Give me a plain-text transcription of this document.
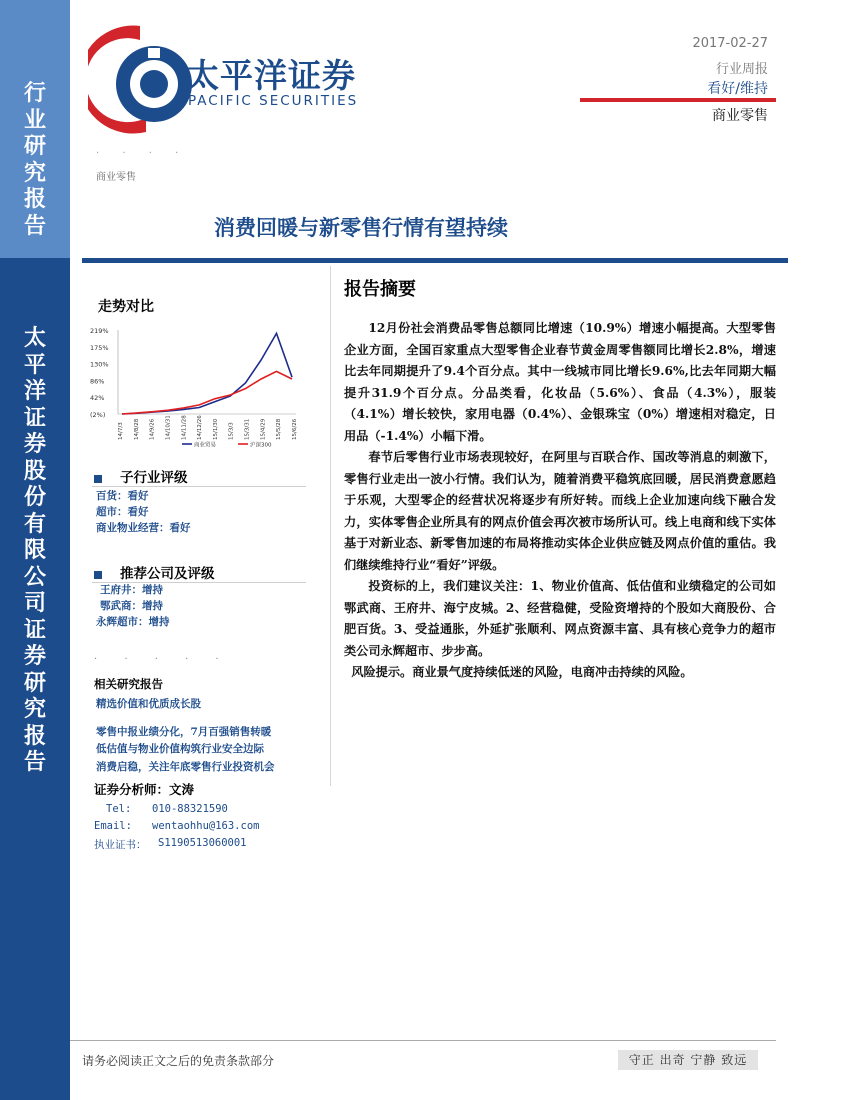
行
业
研
究
报
告
太
平
洋
证
券
股
份
有
限
公
司
证
券
研
究
报
告
太平洋证券
PACIFIC SECURITIES
2017-02-27
行业周报
看好/维持
商业零售
· · · ·
商业零售
消费回暖与新零售行情有望持续
走势对比
219%
175%
130%
86%
42%
(2%)
14/7/3 14/8/28 14/9/26 14/10/31 14/11/28 14/12/26 15/1/30 15/3/3 15/3/31 15/4/29 15/5/28 15/6/26
商业贸易	沪深300
子行业评级
百货：看好
超市：看好
商业物业经营：看好
推荐公司及评级
王府井：增持
鄂武商：增持
永辉超市：增持
· · · · ·
相关研究报告
精选价值和优质成长股
零售中报业绩分化，7月百强销售转暖
低估值与物业价值构筑行业安全边际
消费启稳，关注年底零售行业投资机会
证券分析师：文涛
Tel: 010-88321590
Email: wentaohhu@163.com
执业证书： S1190513060001
报告摘要

12月份社会消费品零售总额同比增速（10.9%）增速小幅提高。大型零售企业方面，全国百家重点大型零售企业春节黄金周零售额同比增长2.8%，增速比去年同期提升了9.4个百分点。其中一线城市同比增长9.6%,比去年同期大幅提升31.9个百分点。分品类看，化妆品（5.6%）、食品（4.3%），服装（4.1%）增长较快，家用电器（0.4%）、金银珠宝（0%）增速相对稳定，日用品（-1.4%）小幅下滑。

春节后零售行业市场表现较好，在阿里与百联合作、国改等消息的刺激下，零售行业走出一波小行情。我们认为，随着消费平稳筑底回暖，居民消费意愿趋于乐观，大型零企的经营状况将逐步有所好转。而线上企业加速向线下融合发力，实体零售企业所具有的网点价值会再次被市场所认可。线上电商和线下实体基于对新业态、新零售加速的布局将推动实体企业供应链及网点价值的重估。我们继续维持行业“看好”评级。

投资标的上，我们建议关注：1、物业价值高、低估值和业绩稳定的公司如鄂武商、王府井、海宁皮城。2、经营稳健，受险资增持的个股如大商股份、合肥百货。3、受益通胀，外延扩张顺利、网点资源丰富、具有核心竞争力的超市类公司永辉超市、步步高。

风险提示。商业景气度持续低迷的风险，电商冲击持续的风险。

请务必阅读正文之后的免责条款部分	守正 出奇 宁静 致远
